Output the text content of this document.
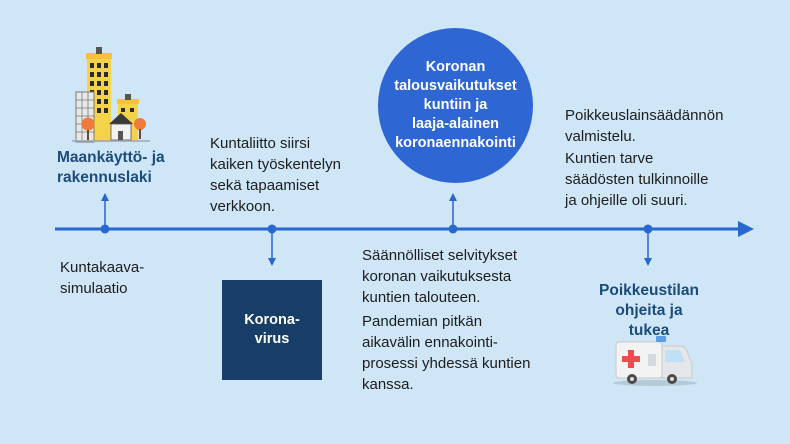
Maankäyttö- ja
rakennuslaki
Kuntakaava-
simulaatio
Kuntaliitto siirsi
kaiken työskentelyn
sekä tapaamiset
verkkoon.
Korona-
virus
Koronan
talousvaikutukset
kuntiin ja
laaja-alainen
koronaennakointi
Säännölliset selvitykset
koronan vaikutuksesta
kuntien talouteen.
Pandemian pitkän
aikavälin ennakointi-
prosessi yhdessä kuntien
kanssa.
Poikkeuslainsäädännön
valmistelu.
Kuntien tarve
säädösten tulkinnoille
ja ohjeille oli suuri.
Poikkeustilan
ohjeita ja
tukea
